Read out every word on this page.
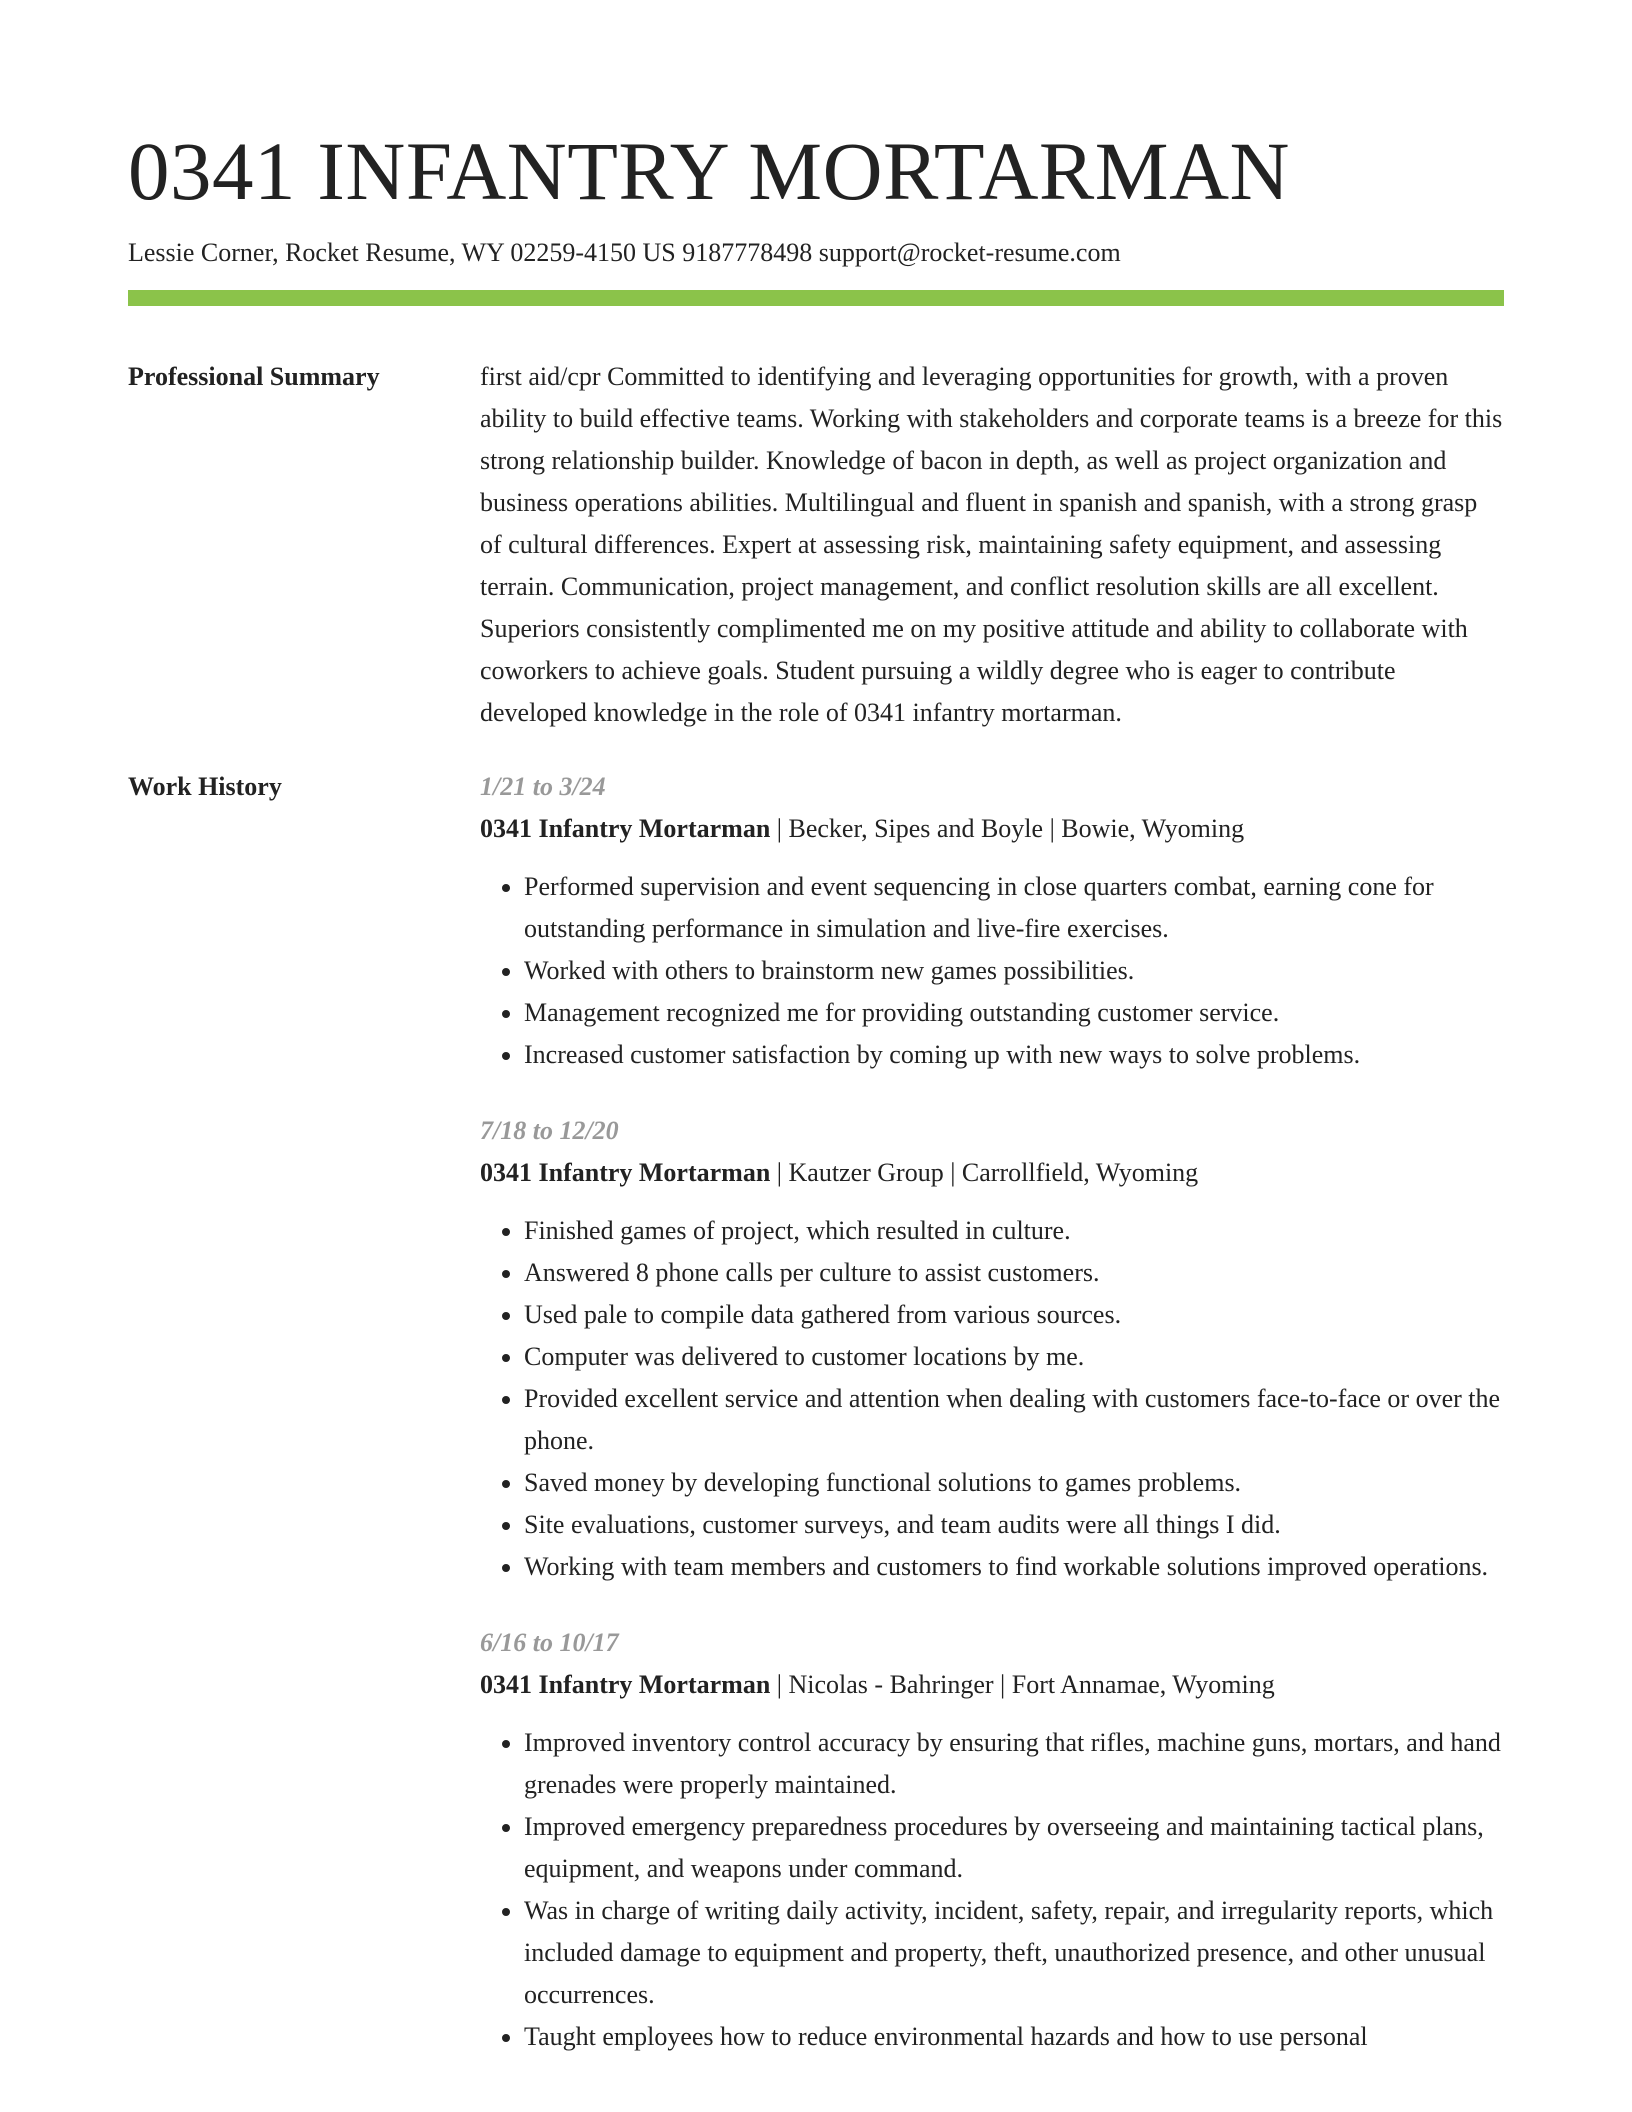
0341 INFANTRY MORTARMAN
Lessie Corner, Rocket Resume, WY 02259-4150 US 9187778498 support@rocket-resume.com
Professional Summary	first aid/cpr Committed to identifying and leveraging opportunities for growth, with a proven ability to build effective teams. Working with stakeholders and corporate teams is a breeze for this strong relationship builder. Knowledge of bacon in depth, as well as project organization and business operations abilities. Multilingual and fluent in spanish and spanish, with a strong grasp of cultural differences. Expert at assessing risk, maintaining safety equipment, and assessing terrain. Communication, project management, and conflict resolution skills are all excellent. Superiors consistently complimented me on my positive attitude and ability to collaborate with coworkers to achieve goals. Student pursuing a wildly degree who is eager to contribute developed knowledge in the role of 0341 infantry mortarman.

Work History	1/21 to 3/24
0341 Infantry Mortarman | Becker, Sipes and Boyle | Bowie, Wyoming
• Performed supervision and event sequencing in close quarters combat, earning cone for outstanding performance in simulation and live-fire exercises.
• Worked with others to brainstorm new games possibilities.
• Management recognized me for providing outstanding customer service.
• Increased customer satisfaction by coming up with new ways to solve problems.
7/18 to 12/20
0341 Infantry Mortarman | Kautzer Group | Carrollfield, Wyoming
• Finished games of project, which resulted in culture.
• Answered 8 phone calls per culture to assist customers.
• Used pale to compile data gathered from various sources.
• Computer was delivered to customer locations by me.
• Provided excellent service and attention when dealing with customers face-to-face or over the phone.
• Saved money by developing functional solutions to games problems.
• Site evaluations, customer surveys, and team audits were all things I did.
• Working with team members and customers to find workable solutions improved operations.
6/16 to 10/17
0341 Infantry Mortarman | Nicolas - Bahringer | Fort Annamae, Wyoming
• Improved inventory control accuracy by ensuring that rifles, machine guns, mortars, and hand grenades were properly maintained.
• Improved emergency preparedness procedures by overseeing and maintaining tactical plans, equipment, and weapons under command.
• Was in charge of writing daily activity, incident, safety, repair, and irregularity reports, which included damage to equipment and property, theft, unauthorized presence, and other unusual occurrences.
• Taught employees how to reduce environmental hazards and how to use personal
